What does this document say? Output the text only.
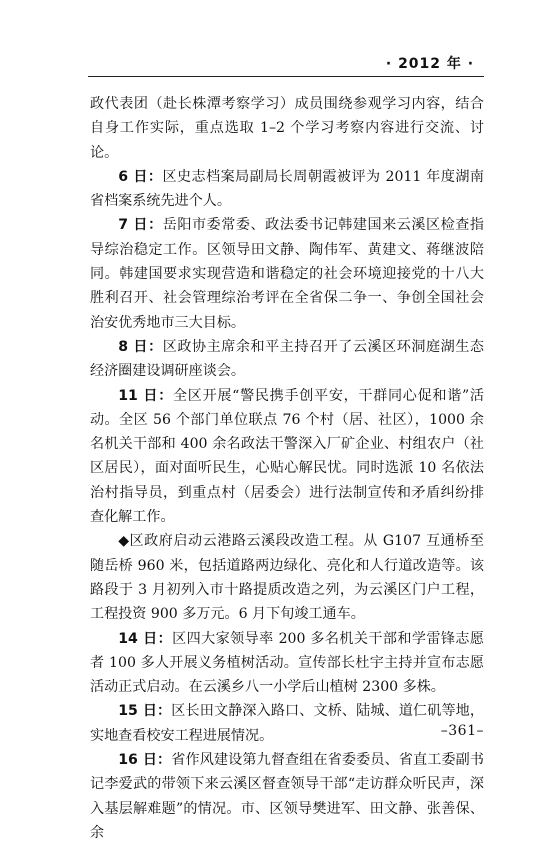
· 2012 年 ·

政代表团（赴长株潭考察学习）成员围绕参观学习内容，结合自身工作实际，重点选取 1–2 个学习考察内容进行交流、讨论。

6 日：区史志档案局副局长周朝霞被评为 2011 年度湖南省档案系统先进个人。

7 日：岳阳市委常委、政法委书记韩建国来云溪区检查指导综治稳定工作。区领导田文静、陶伟军、黄建文、蒋继波陪同。韩建国要求实现营造和谐稳定的社会环境迎接党的十八大胜利召开、社会管理综治考评在全省保二争一、争创全国社会治安优秀地市三大目标。

8 日：区政协主席余和平主持召开了云溪区环洞庭湖生态经济圈建设调研座谈会。

11 日：全区开展“警民携手创平安，干群同心促和谐”活动。全区 56 个部门单位联点 76 个村（居、社区），1000 余名机关干部和 400 余名政法干警深入厂矿企业、村组农户（社区居民），面对面听民生，心贴心解民忧。同时选派 10 名依法治村指导员，到重点村（居委会）进行法制宣传和矛盾纠纷排查化解工作。

◆区政府启动云港路云溪段改造工程。从 G107 互通桥至随岳桥 960 米，包括道路两边绿化、亮化和人行道改造等。该路段于 3 月初列入市十路提质改造之列，为云溪区门户工程，工程投资 900 多万元。6 月下旬竣工通车。

14 日：区四大家领导率 200 多名机关干部和学雷锋志愿者 100 多人开展义务植树活动。宣传部长杜宇主持并宣布志愿活动正式启动。在云溪乡八一小学后山植树 2300 多株。

15 日：区长田文静深入路口、文桥、陆城、道仁矶等地，实地查看校安工程进展情况。

16 日：省作风建设第九督查组在省委委员、省直工委副书记李爱武的带领下来云溪区督查领导干部“走访群众听民声，深入基层解难题”的情况。市、区领导樊进军、田文静、张善保、余

–361–
